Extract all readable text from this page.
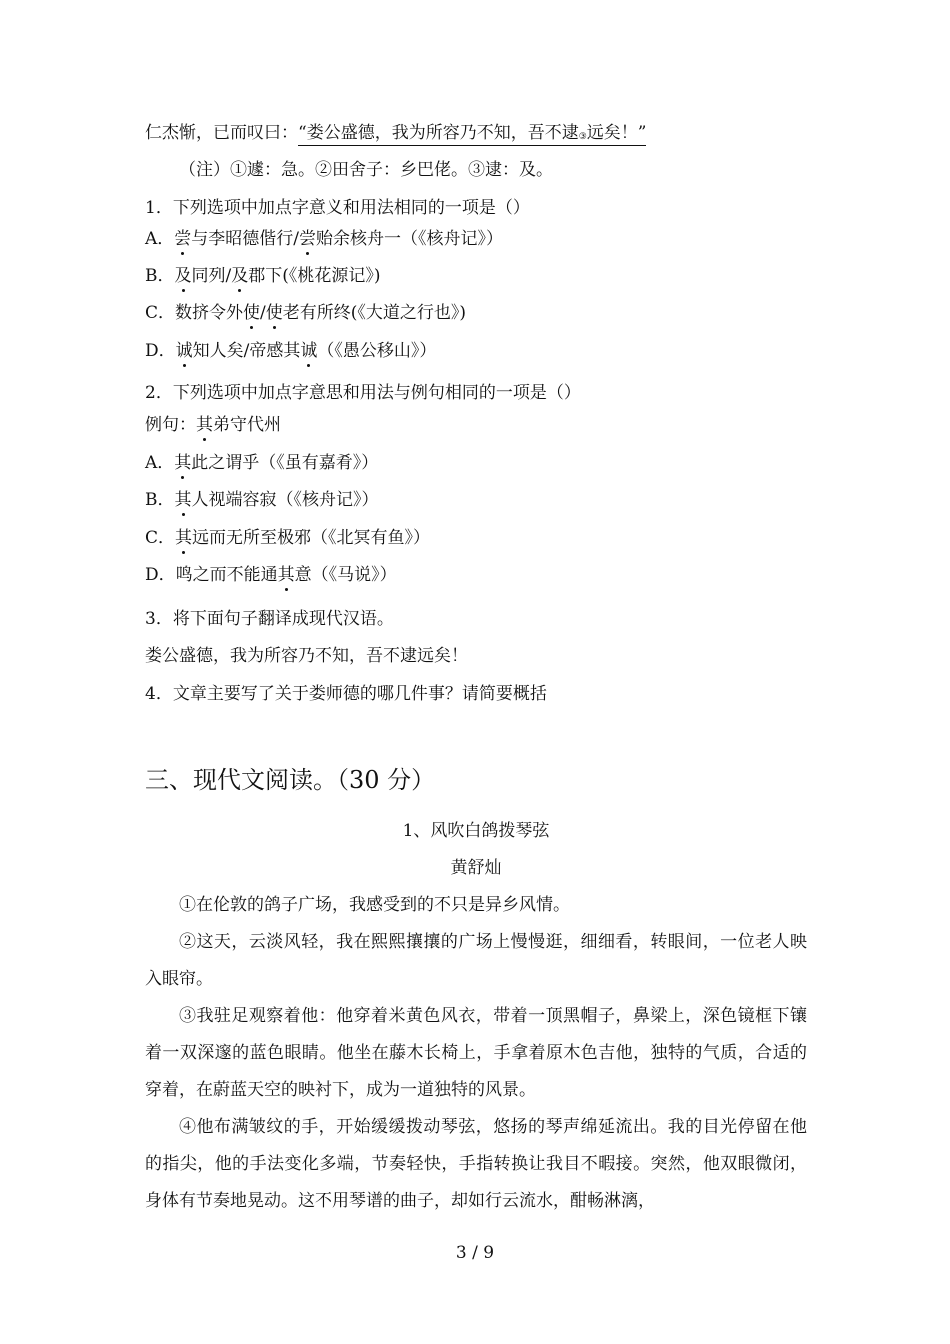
仁杰惭，已而叹曰：“娄公盛德，我为所容乃不知，吾不逮③远矣！”
（注）①遽：急。②田舍子：乡巴佬。③逮：及。
1．下列选项中加点字意义和用法相同的一项是（）
A．尝与李昭德偕行/尝贻余核舟一（《核舟记》）
B．及同列/及郡下(《桃花源记》)
C．数挤令外使/使老有所终(《大道之行也》)
D．诚知人矣/帝感其诚（《愚公移山》）
2．下列选项中加点字意思和用法与例句相同的一项是（）
例句：其弟守代州
A．其此之谓乎（《虽有嘉肴》）
B．其人视端容寂（《核舟记》）
C．其远而无所至极邪（《北冥有鱼》）
D．鸣之而不能通其意（《马说》）
3．将下面句子翻译成现代汉语。
娄公盛德，我为所容乃不知，吾不逮远矣！
4．文章主要写了关于娄师德的哪几件事？请简要概括
三、现代文阅读。（30 分）
1、风吹白鸽拨琴弦
黄舒灿
①在伦敦的鸽子广场，我感受到的不只是异乡风情。
②这天，云淡风轻，我在熙熙攘攘的广场上慢慢逛，细细看，转眼间，一位老人映入眼帘。
③我驻足观察着他：他穿着米黄色风衣，带着一顶黑帽子，鼻梁上，深色镜框下镶着一双深邃的蓝色眼睛。他坐在藤木长椅上，手拿着原木色吉他，独特的气质，合适的穿着，在蔚蓝天空的映衬下，成为一道独特的风景。
④他布满皱纹的手，开始缓缓拨动琴弦，悠扬的琴声绵延流出。我的目光停留在他的指尖，他的手法变化多端，节奏轻快，手指转换让我目不暇接。突然，他双眼微闭，身体有节奏地晃动。这不用琴谱的曲子，却如行云流水，酣畅淋漓，
3 / 9
